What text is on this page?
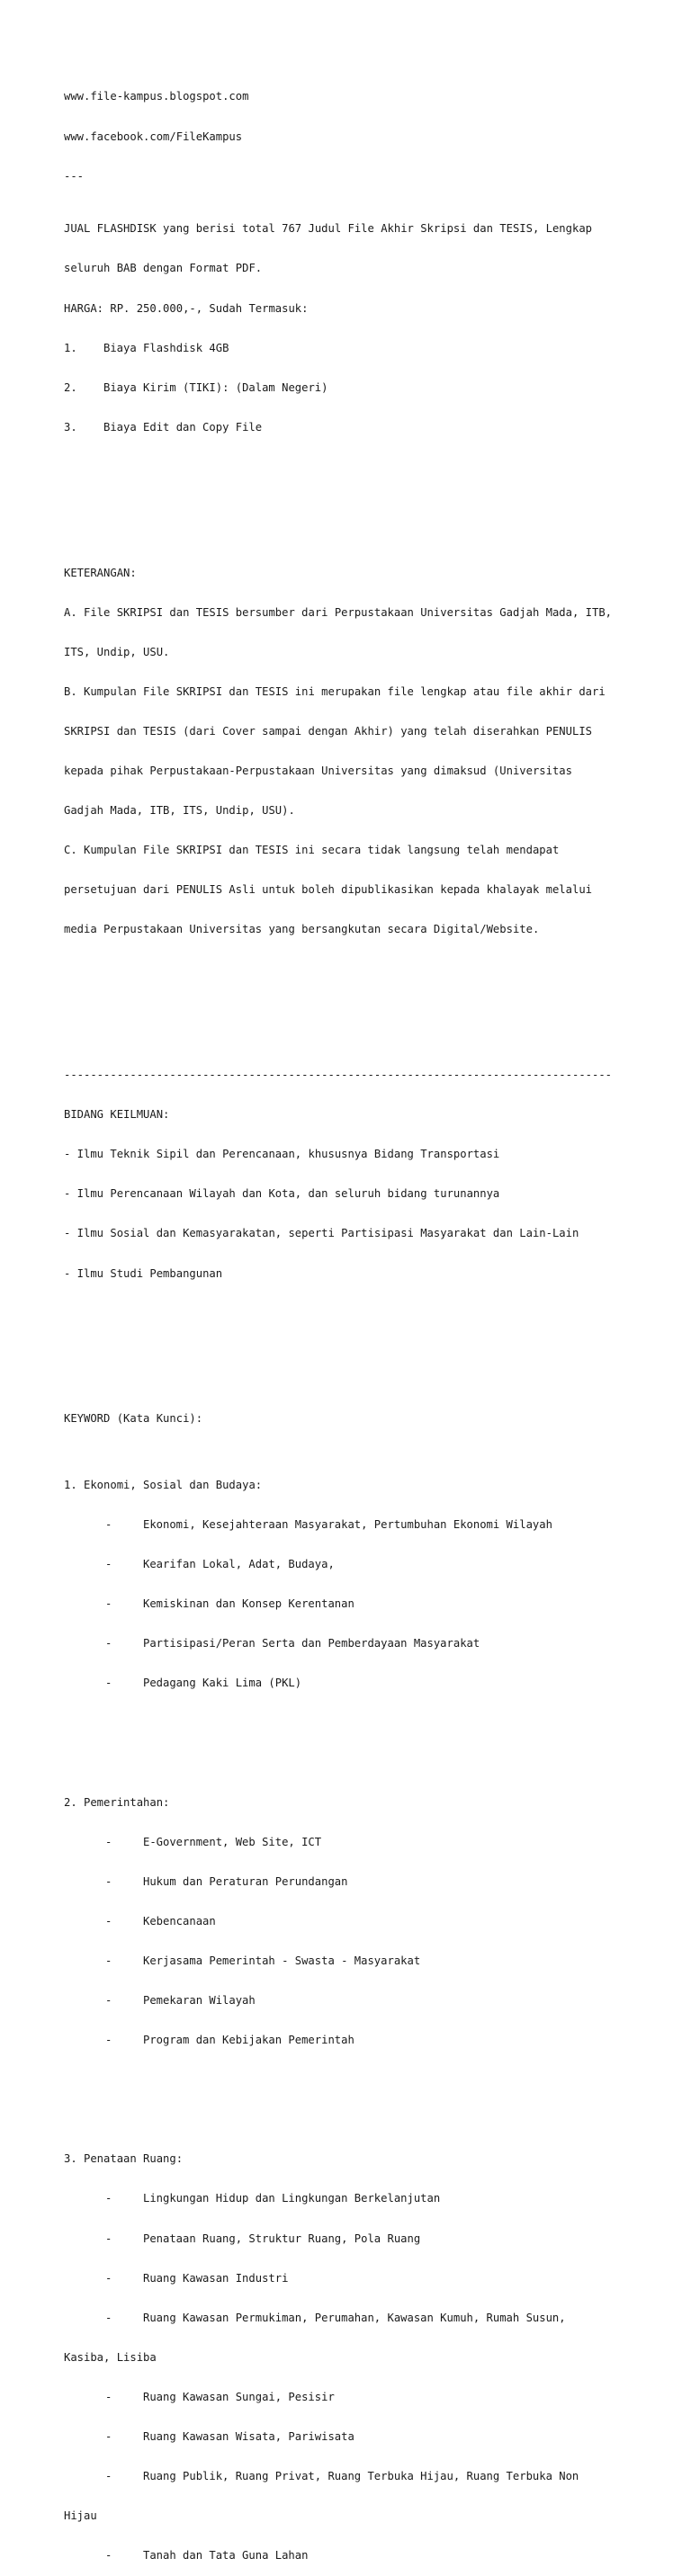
www.file-kampus.blogspot.com

www.facebook.com/FileKampus

---

JUAL FLASHDISK yang berisi total 767 Judul File Akhir Skripsi dan TESIS, Lengkap

seluruh BAB dengan Format PDF.

HARGA: RP. 250.000,-, Sudah Termasuk:

1. Biaya Flashdisk 4GB

2. Biaya Kirim (TIKI): (Dalam Negeri)

3. Biaya Edit dan Copy File

KETERANGAN:

A. File SKRIPSI dan TESIS bersumber dari Perpustakaan Universitas Gadjah Mada, ITB,

ITS, Undip, USU.

B. Kumpulan File SKRIPSI dan TESIS ini merupakan file lengkap atau file akhir dari

SKRIPSI dan TESIS (dari Cover sampai dengan Akhir) yang telah diserahkan PENULIS

kepada pihak Perpustakaan-Perpustakaan Universitas yang dimaksud (Universitas

Gadjah Mada, ITB, ITS, Undip, USU).

C. Kumpulan File SKRIPSI dan TESIS ini secara tidak langsung telah mendapat

persetujuan dari PENULIS Asli untuk boleh dipublikasikan kepada khalayak melalui

media Perpustakaan Universitas yang bersangkutan secara Digital/Website.

-----------------------------------------------------------------------------------

BIDANG KEILMUAN:

- Ilmu Teknik Sipil dan Perencanaan, khususnya Bidang Transportasi

- Ilmu Perencanaan Wilayah dan Kota, dan seluruh bidang turunannya

- Ilmu Sosial dan Kemasyarakatan, seperti Partisipasi Masyarakat dan Lain-Lain

- Ilmu Studi Pembangunan

KEYWORD (Kata Kunci):

1. Ekonomi, Sosial dan Budaya:

-	Ekonomi, Kesejahteraan Masyarakat, Pertumbuhan Ekonomi Wilayah

-	Kearifan Lokal, Adat, Budaya,

-	Kemiskinan dan Konsep Kerentanan

-	Partisipasi/Peran Serta dan Pemberdayaan Masyarakat

-	Pedagang Kaki Lima (PKL)

2. Pemerintahan:

-	E-Government, Web Site, ICT

-	Hukum dan Peraturan Perundangan

-	Kebencanaan

-	Kerjasama Pemerintah - Swasta - Masyarakat

-	Pemekaran Wilayah

-	Program dan Kebijakan Pemerintah

3. Penataan Ruang:

-	Lingkungan Hidup dan Lingkungan Berkelanjutan

-	Penataan Ruang, Struktur Ruang, Pola Ruang

-	Ruang Kawasan Industri

-	Ruang Kawasan Permukiman, Perumahan, Kawasan Kumuh, Rumah Susun,

Kasiba, Lisiba

-	Ruang Kawasan Sungai, Pesisir

-	Ruang Kawasan Wisata, Pariwisata

-	Ruang Publik, Ruang Privat, Ruang Terbuka Hijau, Ruang Terbuka Non

Hijau

-	Tanah dan Tata Guna Lahan
